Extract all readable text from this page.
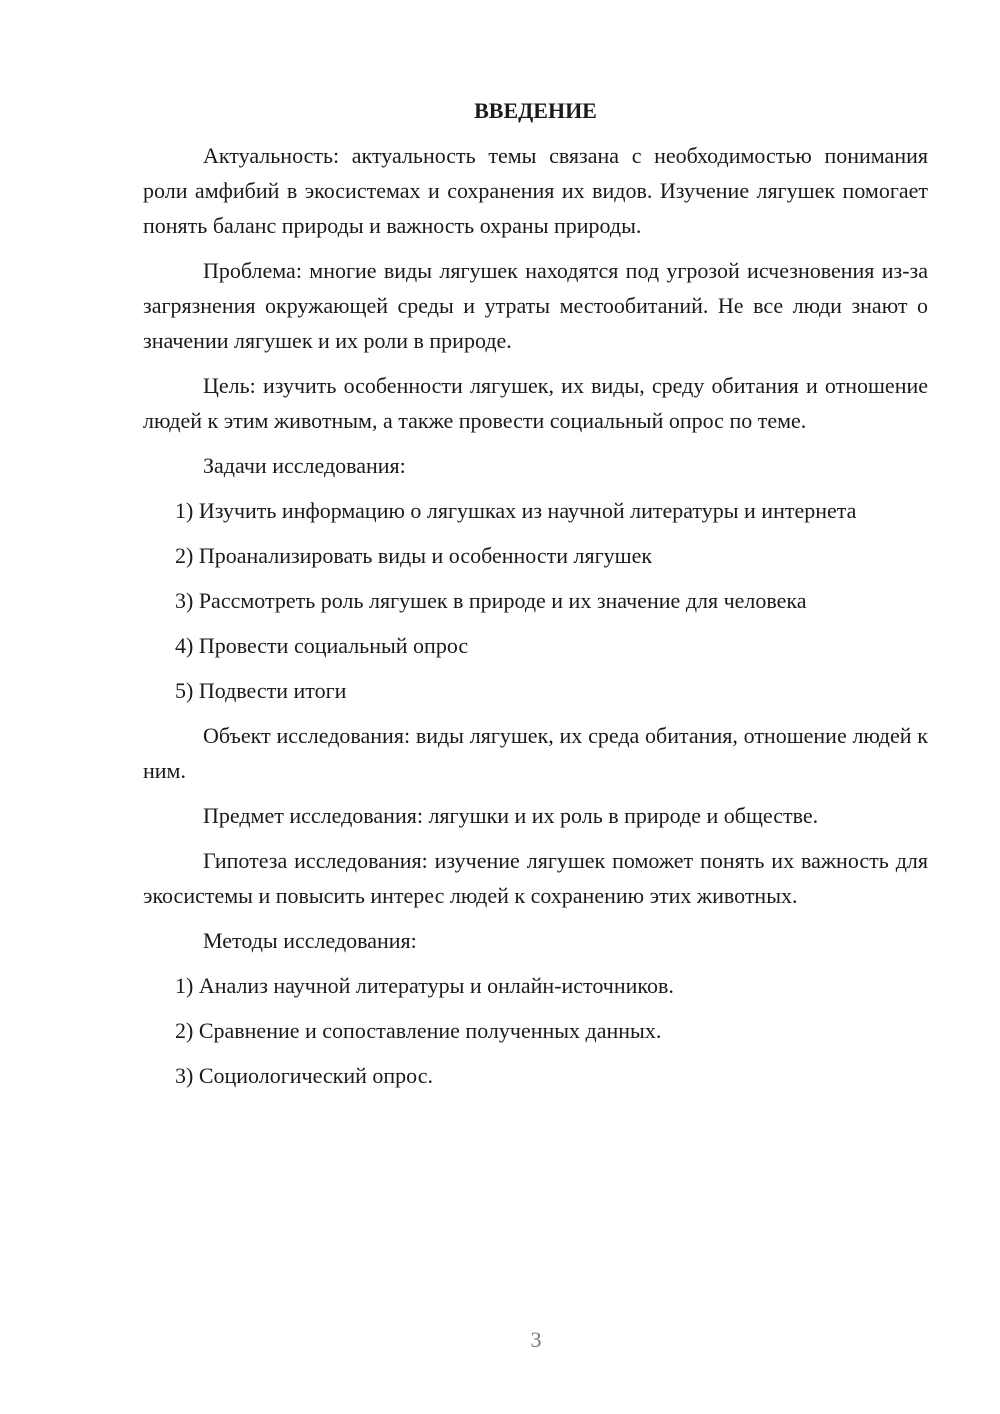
ВВЕДЕНИЕ

Актуальность: актуальность темы связана с необходимостью понимания роли амфибий в экосистемах и сохранения их видов. Изучение лягушек помогает понять баланс природы и важность охраны природы.

Проблема: многие виды лягушек находятся под угрозой исчезновения из-за загрязнения окружающей среды и утраты местообитаний. Не все люди знают о значении лягушек и их роли в природе.

Цель: изучить особенности лягушек, их виды, среду обитания и отношение людей к этим животным, а также провести социальный опрос по теме.

Задачи исследования:

1) Изучить информацию о лягушках из научной литературы и интернета

2) Проанализировать виды и особенности лягушек

3) Рассмотреть роль лягушек в природе и их значение для человека

4) Провести социальный опрос

5) Подвести итоги

Объект исследования: виды лягушек, их среда обитания, отношение людей к ним.

Предмет исследования: лягушки и их роль в природе и обществе.

Гипотеза исследования: изучение лягушек поможет понять их важность для экосистемы и повысить интерес людей к сохранению этих животных.

Методы исследования:

1) Анализ научной литературы и онлайн-источников.

2) Сравнение и сопоставление полученных данных.

3) Социологический опрос.

3
